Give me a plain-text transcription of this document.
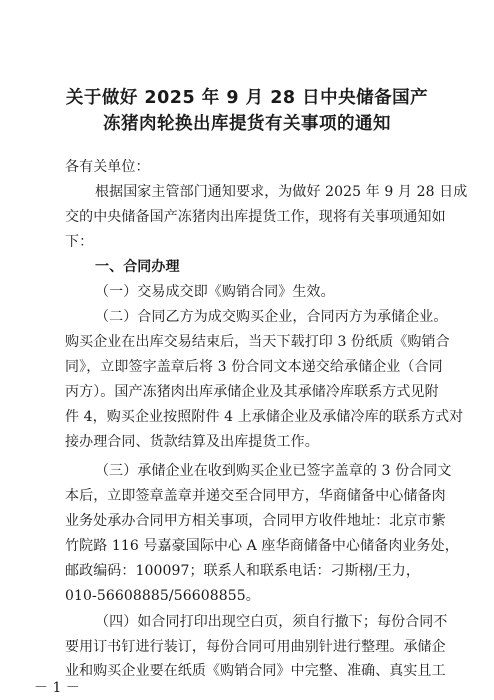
关于做好 2025 年 9 月 28 日中央储备国产
冻猪肉轮换出库提货有关事项的通知
各有关单位：
根据国家主管部门通知要求，为做好 2025 年 9 月 28 日成
交的中央储备国产冻猪肉出库提货工作，现将有关事项通知如
下：
一、合同办理
（一）交易成交即《购销合同》生效。
（二）合同乙方为成交购买企业，合同丙方为承储企业。
购买企业在出库交易结束后，当天下载打印 3 份纸质《购销合
同》，立即签字盖章后将 3 份合同文本递交给承储企业（合同
丙方）。国产冻猪肉出库承储企业及其承储冷库联系方式见附
件 4，购买企业按照附件 4 上承储企业及承储冷库的联系方式对
接办理合同、货款结算及出库提货工作。
（三）承储企业在收到购买企业已签字盖章的 3 份合同文
本后，立即签章盖章并递交至合同甲方，华商储备中心储备肉
业务处承办合同甲方相关事项，合同甲方收件地址：北京市紫
竹院路 116 号嘉豪国际中心 A 座华商储备中心储备肉业务处，
邮政编码：100097；联系人和联系电话：刁斯栩/王力，
010-56608885/56608855。
（四）如合同打印出现空白页，须自行撤下；每份合同不
要用订书钉进行装订，每份合同可用曲别针进行整理。承储企
业和购买企业要在纸质《购销合同》中完整、准确、真实且工
－ 1 －
